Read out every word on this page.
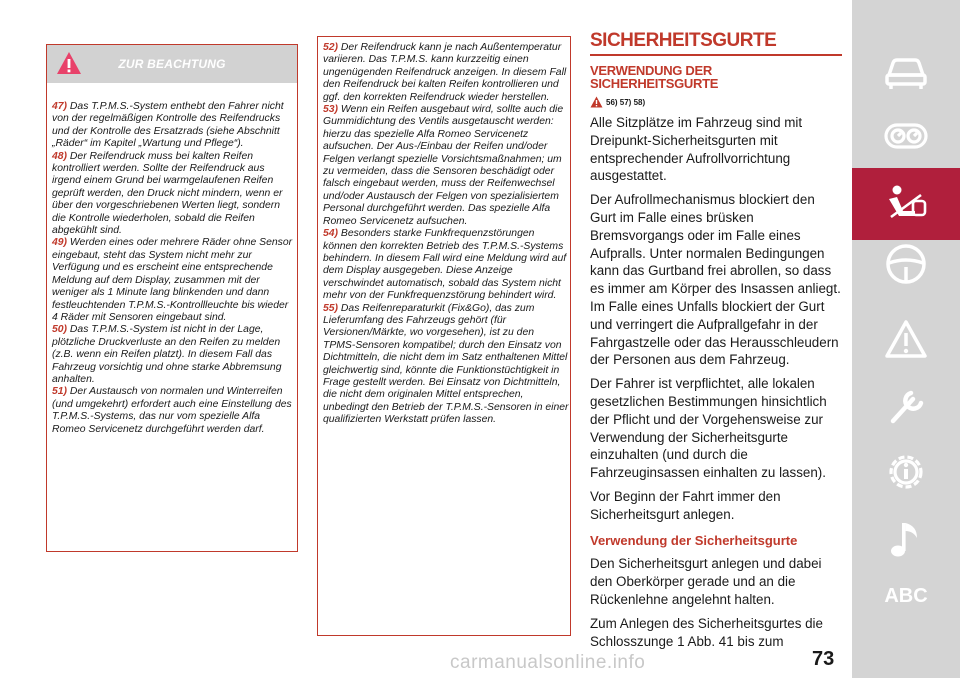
ZUR BEACHTUNG

47) Das T.P.M.S.-System enthebt den Fahrer nicht von der regelmäßigen Kontrolle des Reifendrucks und der Kontrolle des Ersatzrads (siehe Abschnitt „Räder“ im Kapitel „Wartung und Pflege“).

48) Der Reifendruck muss bei kalten Reifen kontrolliert werden. Sollte der Reifendruck aus irgend einem Grund bei warmgelaufenen Reifen geprüft werden, den Druck nicht mindern, wenn er über den vorgeschriebenen Werten liegt, sondern die Kontrolle wiederholen, sobald die Reifen abgekühlt sind.

49) Werden eines oder mehrere Räder ohne Sensor eingebaut, steht das System nicht mehr zur Verfügung und es erscheint eine entsprechende Meldung auf dem Display, zusammen mit der weniger als 1 Minute lang blinkenden und dann festleuchtenden T.P.M.S.-Kontrollleuchte bis wieder 4 Räder mit Sensoren eingebaut sind.

50) Das T.P.M.S.-System ist nicht in der Lage, plötzliche Druckverluste an den Reifen zu melden (z.B. wenn ein Reifen platzt). In diesem Fall das Fahrzeug vorsichtig und ohne starke Abbremsung anhalten.

51) Der Austausch von normalen und Winterreifen (und umgekehrt) erfordert auch eine Einstellung des T.P.M.S.-Systems, das nur vom spezielle Alfa Romeo Servicenetz durchgeführt werden darf.

52) Der Reifendruck kann je nach Außentemperatur variieren. Das T.P.M.S. kann kurzzeitig einen ungenügenden Reifendruck anzeigen. In diesem Fall den Reifendruck bei kalten Reifen kontrollieren und ggf. den korrekten Reifendruck wieder herstellen.

53) Wenn ein Reifen ausgebaut wird, sollte auch die Gummidichtung des Ventils ausgetauscht werden: hierzu das spezielle Alfa Romeo Servicenetz aufsuchen. Der Aus-/Einbau der Reifen und/oder Felgen verlangt spezielle Vorsichtsmaßnahmen; um zu vermeiden, dass die Sensoren beschädigt oder falsch eingebaut werden, muss der Reifenwechsel und/oder Austausch der Felgen von spezialisiertem Personal durchgeführt werden. Das spezielle Alfa Romeo Servicenetz aufsuchen.

54) Besonders starke Funkfrequenzstörungen können den korrekten Betrieb des T.P.M.S.-Systems behindern. In diesem Fall wird eine Meldung wird auf dem Display ausgegeben. Diese Anzeige verschwindet automatisch, sobald das System nicht mehr von der Funkfrequenzstörung behindert wird.

55) Das Reifenreparaturkit (Fix&Go), das zum Lieferumfang des Fahrzeugs gehört (für Versionen/Märkte, wo vorgesehen), ist zu den TPMS-Sensoren kompatibel; durch den Einsatz von Dichtmitteln, die nicht dem im Satz enthaltenen Mittel gleichwertig sind, könnte die Funktionstüchtigkeit in Frage gestellt werden. Bei Einsatz von Dichtmitteln, die nicht dem originalen Mittel entsprechen, unbedingt den Betrieb der T.P.M.S.-Sensoren in einer qualifizierten Werkstatt prüfen lassen.

SICHERHEITSGURTE
VERWENDUNG DER SICHERHEITSGURTE
56) 57) 58)

Alle Sitzplätze im Fahrzeug sind mit Dreipunkt-Sicherheitsgurten mit entsprechender Aufrollvorrichtung ausgestattet.

Der Aufrollmechanismus blockiert den Gurt im Falle eines brüsken Bremsvorgangs oder im Falle eines Aufpralls. Unter normalen Bedingungen kann das Gurtband frei abrollen, so dass es immer am Körper des Insassen anliegt. Im Falle eines Unfalls blockiert der Gurt und verringert die Aufprallgefahr in der Fahrgastzelle oder das Herausschleudern der Personen aus dem Fahrzeug.

Der Fahrer ist verpflichtet, alle lokalen gesetzlichen Bestimmungen hinsichtlich der Pflicht und der Vorgehensweise zur Verwendung der Sicherheitsgurte einzuhalten (und durch die Fahrzeuginsassen einhalten zu lassen).

Vor Beginn der Fahrt immer den Sicherheitsgurt anlegen.

Verwendung der Sicherheitsgurte

Den Sicherheitsgurt anlegen und dabei den Oberkörper gerade und an die Rückenlehne angelehnt halten.

Zum Anlegen des Sicherheitsgurtes die Schlosszunge 1 Abb. 41 bis zum

ABC
carmanualsonline.info	73
